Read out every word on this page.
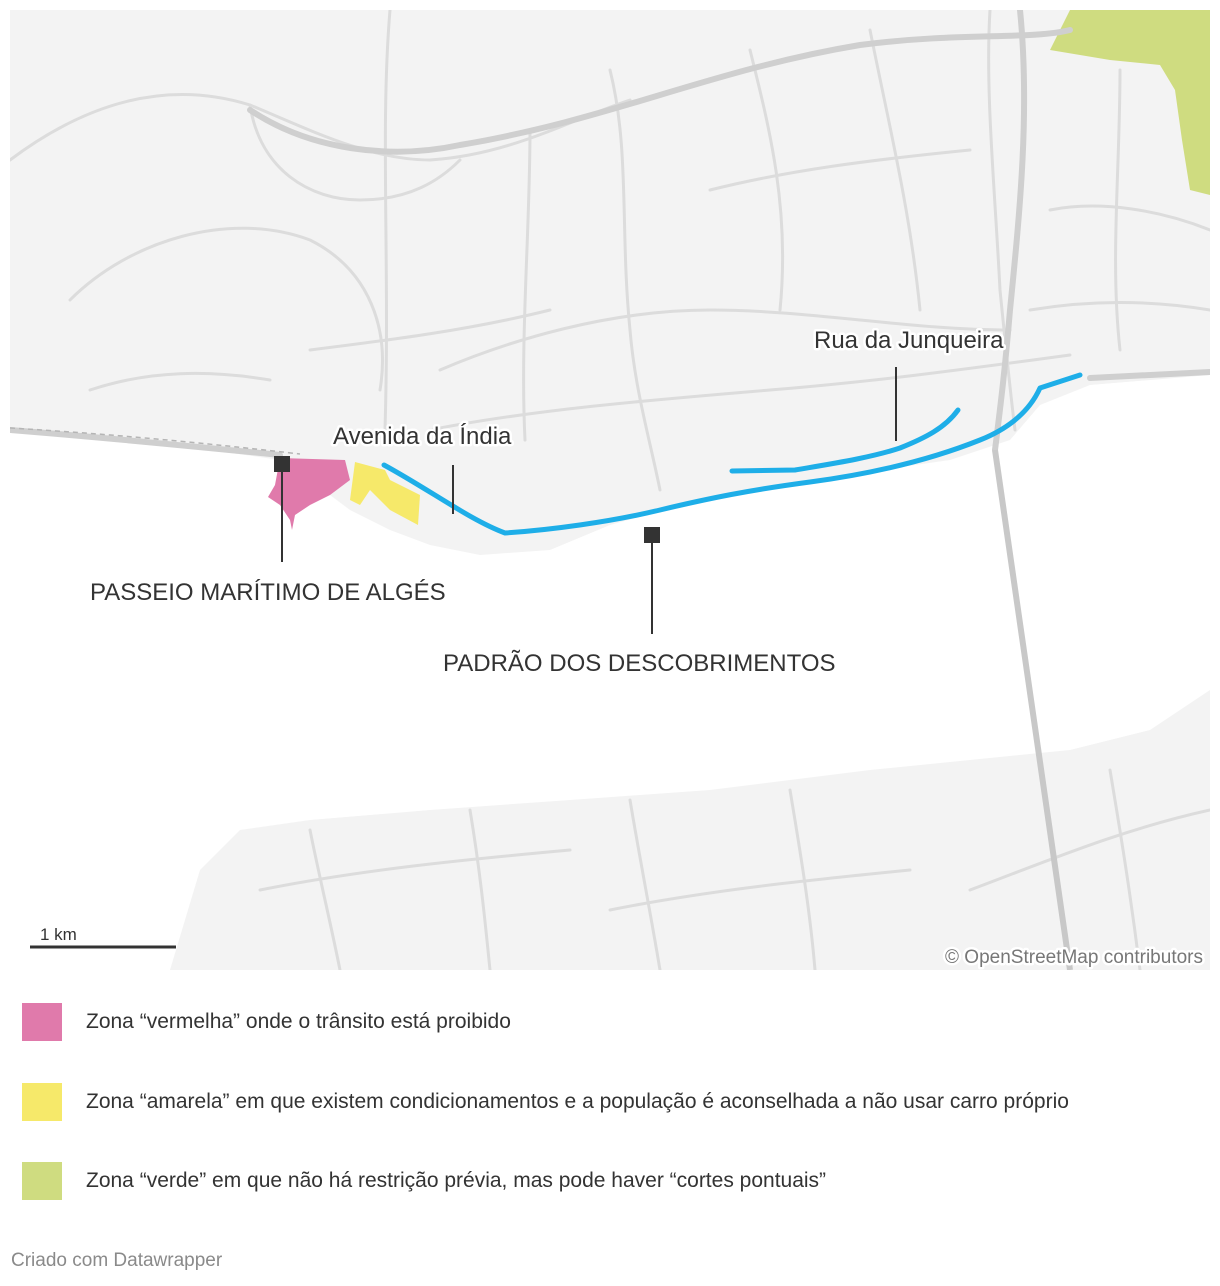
Avenida da Índia
Rua da Junqueira
PASSEIO MARÍTIMO DE ALGÉS
PADRÃO DOS DESCOBRIMENTOS
1 km
© OpenStreetMap contributors
Zona “vermelha” onde o trânsito está proibido
Zona “amarela” em que existem condicionamentos e a população é aconselhada a não usar carro próprio
Zona “verde” em que não há restrição prévia, mas pode haver “cortes pontuais”
Criado com Datawrapper
